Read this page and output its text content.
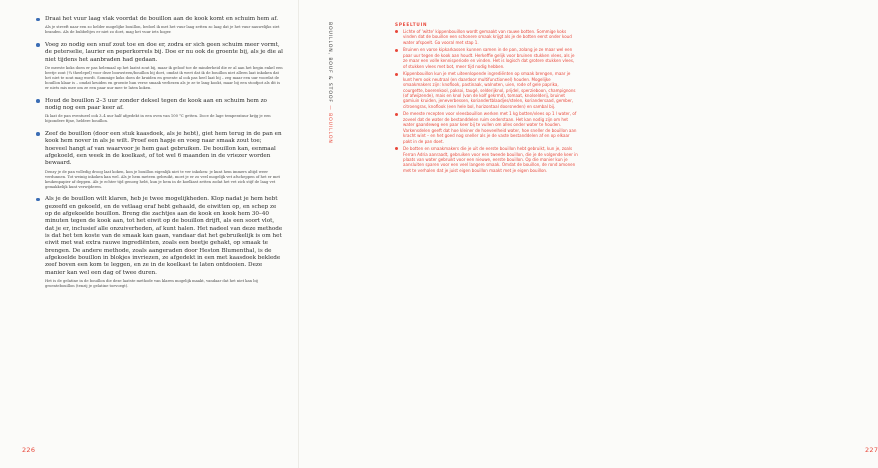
Draai het vuur laag vlak voordat de bouillon aan de kook komt en schuim hem af.

Als je streeft naar een zo helder mogelijke bouillon, bedoel ik met het vuur laag zetten zo laag dat je het vuur nauwelijks ziet branden. Als de bubbeltjes er niet zo doet, mag het vuur iets hoger.

Voeg zo nodig een snuf zout toe en doe er, zodra er sich geen schuim meer vormt, de peterselie, laurier en peperkorrels bij. Doe er nu ook de groente bij, als je die al niet tijdens het aanbraden had gedaan.

De meeste koks doen er pas helemaal op het laatst zout bij, maar ik geloof toe de minderheid die er al aan het begin enkel een beetje zout (¼ theelepel) voor deze bouwsteen/bouillon bij doet, omdat ik weet dat ik de bouillon niet alleen laat inkoken dat het niet te zout mag wordt. Sommige koks doen de kruiden en groente al ook pas heel laat bij – zeg maar een uur voordat de bouillon klaar is – omdat kruiden en groente hun verse smaak verliezen als je ze te lang kookt, maar bij een stoofpot als dit is er niets mis mee om ze een paar uur mee te laten koken.

Houd de bouillon 2–3 uur zonder deksel tegen de kook aan en schuim hem zo nodig nog een paar keer af.

Ik laat de pan eventueel ook 3–4 uur half afgedekt in een oven van 100 °C getten. Doce de lage temperatuur krijg je een bijzondere fijne, heldere bouillon.

Zeef de bouillon (door een stuk kaasdoek, als je hebt), giet hem terug in de pan en kook hem nover in als je wilt. Proef een hapje en voeg naar smaak zout toe; hoeveel hangt af van waarvoor je hem gaat gebruiken. De bouillon kan, eenmaal afgekoeld, een week in de koelkast, of tot wel 6 maanden in de vriezer worden bewaard.

Denzy je de pan volledig droog laat koken, kon je bouillon eigenlijk niet te ver inkoken: je kunt hem immers altijd weer verdunnen. Tot weinig inkoken kan wel. Als je hem meteen gebruikt, moet je er zo veel mogelijk vet afscheppen of het er met keukenpapier af deppen. Als je echter tijd genoeg hebt, kun je hem in de koelkast zetten zodat het vet zich stijf de laag vet gemakkelijk kunt verwijderen.

Als je de bouillon wilt klaren, heb je twee mogelijkheden. Klop nadat je hem hebt gezeefd en gekoeld, en de vetlaag eraf hebt gehaald, de eiwitten op, en schep ze op de afgekoelde bouillon. Breng die zachtjes aan de kook en kook hem 30–40 minuten tegen de kook aan, tot het eiwit op de bouillon drijft, als een soort vlot, dat je er, inclusief alle onzuiverheden, af kunt halen. Het nadeel van deze methode is dat het ten koste van de smaak kan gaan, vandaar dat het gebruikelijk is om het eiwit met wat extra rauwe ingrediënten, zoals een beetje gehakt, op smaak te brengen. De andere methode, zoals aangeraden door Heston Blumenthal, is de afgekoelde bouillon in blokjes invriezen, ze afgedekt in een met kaasdoek beklede zeef boven een kom te leggen, en ze in de koelkast te laten ontdooien. Deze manier kan wel een dag of twee duren.

Het is de gelatine in de bouillon die deze laatste methode van klaren mogelijk maakt, vandaar dat het niet kan bij groentebouillon (tenzij je gelatine toevoegt).

226
BOUILLON, BOUF & STOOF — BOUILLON
227
SPEELTUIN
Lichte of 'witte' kippenbouillon wordt gemaakt van rauwe botten. Sommige koks vinden dat de bouillon een schonere smaak krijgt als je de botten eerst onder koud water afspoelt. Ga vooral met stap 1.
Bruinen en varse kipkarkassen kunnen samen in de pan, zolang je ze maar wel een paar uur tegen de kook aan houdt. Herkeffie gelijk voor bruinen stukken vlees, als je ze maar een volle kennisperiode en vinden. Het is logisch dat grotere stukken vlees, of stukken vlees met bot, meer tijd nodig hebben.
Kippenbouillon kun je met uiteenlopende ingrediënten op smaak brengen, maar je kunt hem ook neutraal (en daardoor multifunctioneel) houden. Mogelijke smaakmakers zijn: knoflook, pastinaak, walnoten, uien, rode of gele paprika, courgette, boerenkool, paksoi, taugé, selderijknol, prijdel, sperzieboon, champignons (of afwijzende), mais en knol (van de kolf gekrmd), tomaat, knolselderij, bruinet gamiuin kruiden, jeneverbessen, koriandertblaadjes/stelen, koriandersaad, gember, citroengras, knoflook (een hele bol, horizontaal doorsneden) en sambal bij.
De meeste recepten voor vleesbouillon werken met 1 kg botten/vlees op 1 l water, of zoveel dat de water de bestanddelen ruim onderstaan. Het kan nodig zijn om het water gaandeweg een paar keer bij te vullen om alles onder water te houden. Varkensdelen geeft dat hoe kleiner de hoeveelheid water, hoe sneller de bouillon aan kracht wint – en het goed nog sneller als je de vaste bestanddelen af en op elkaar pakt in de pan doet.
De botten en smaakmakers die je uit de eerste bouillon hebt gebruikt, kun je, zoals Ferran Adria aanraadt, gebruiken voor een tweede bouillon, die je de volgende keer in plaats van water gebruikt voor een nieuwe, eerste bouillon. Op die manier kun je aansluiten sparen voor een veel langere smaak. Omdat de bouillon, de rond amonen met te verhalen dat je juist eigen bouillon maakt met je eigen bouillon.
